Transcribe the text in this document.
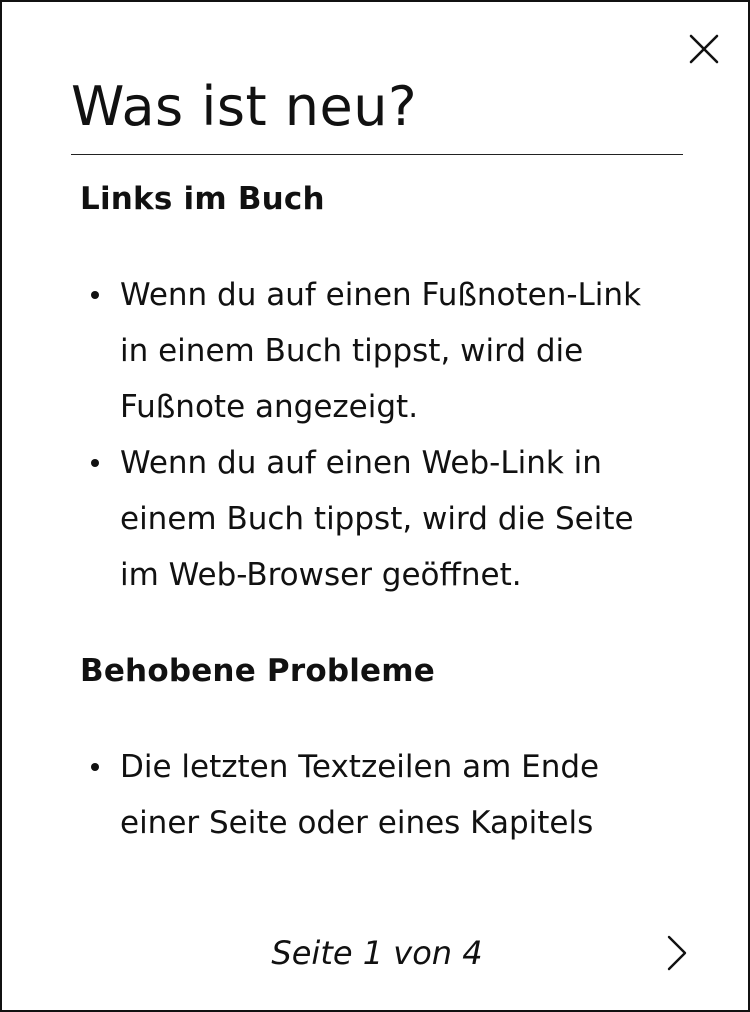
Was ist neu?
Links im Buch
Wenn du auf einen Fußnoten-Link in einem Buch tippst, wird die Fußnote angezeigt.
Wenn du auf einen Web-Link in einem Buch tippst, wird die Seite im Web-Browser geöffnet.
Behobene Probleme
Die letzten Textzeilen am Ende einer Seite oder eines Kapitels
Seite 1 von 4
